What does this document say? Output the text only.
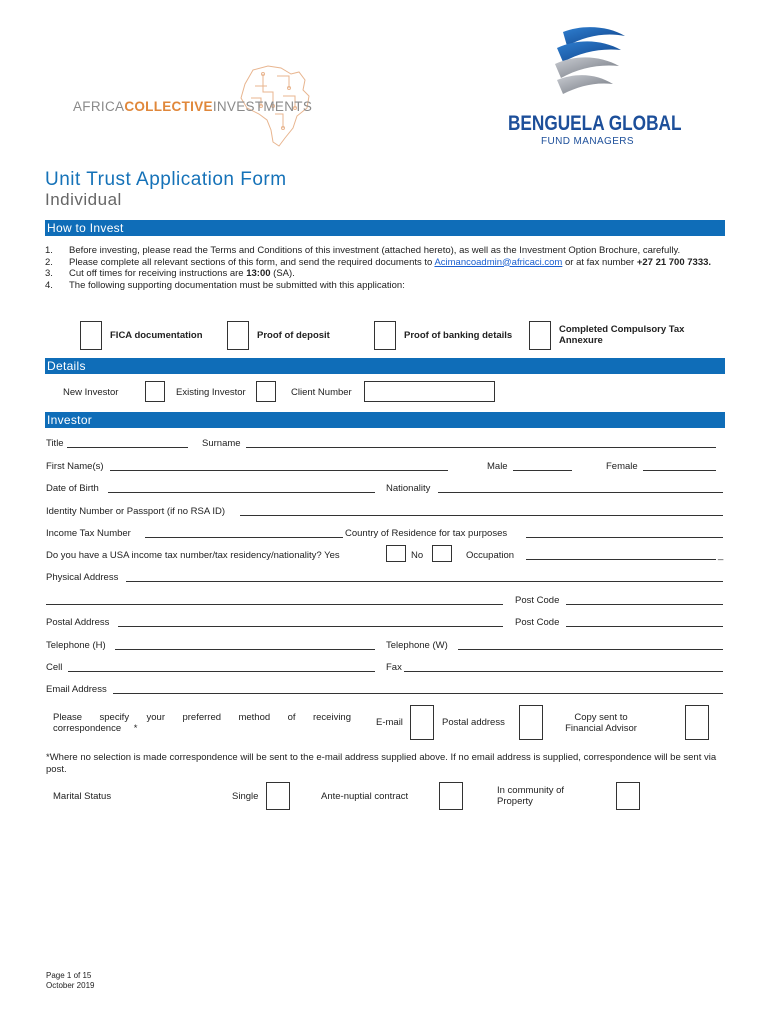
AFRICACOLLECTIVEINVESTMENTS
BENGUELA GLOBAL
FUND MANAGERS
Unit Trust Application Form
Individual
How to Invest
1. Before investing, please read the Terms and Conditions of this investment (attached hereto), as well as the Investment Option Brochure, carefully.
2. Please complete all relevant sections of this form, and send the required documents to Acimancoadmin@africaci.com or at fax number +27 21 700 7333.
3. Cut off times for receiving instructions are 13:00 (SA).
4. The following supporting documentation must be submitted with this application:
FICA documentation	Proof of deposit	Proof of banking details
Completed Compulsory Tax Annexure
Details
New Investor	Existing Investor	Client Number
Investor
Title	Surname
First Name(s)	Male	Female
Date of Birth	Nationality
Identity Number or Passport (if no RSA ID)
Income Tax Number	Country of Residence for tax purposes
Do you have a USA income tax number/tax residency/nationality? Yes	No	Occupation	_
Physical Address
Post Code
Postal Address	Post Code
Telephone (H)	Telephone (W)
Cell	Fax
Email Address
Please specify your preferred method of receiving correspondence *
E-mail	Postal address	Copy sent to Financial Advisor
*Where no selection is made correspondence will be sent to the e-mail address supplied above. If no email address is supplied, correspondence will be sent via post.
Marital Status	Single	Ante-nuptial contract
In community of Property
Page 1 of 15
October 2019
